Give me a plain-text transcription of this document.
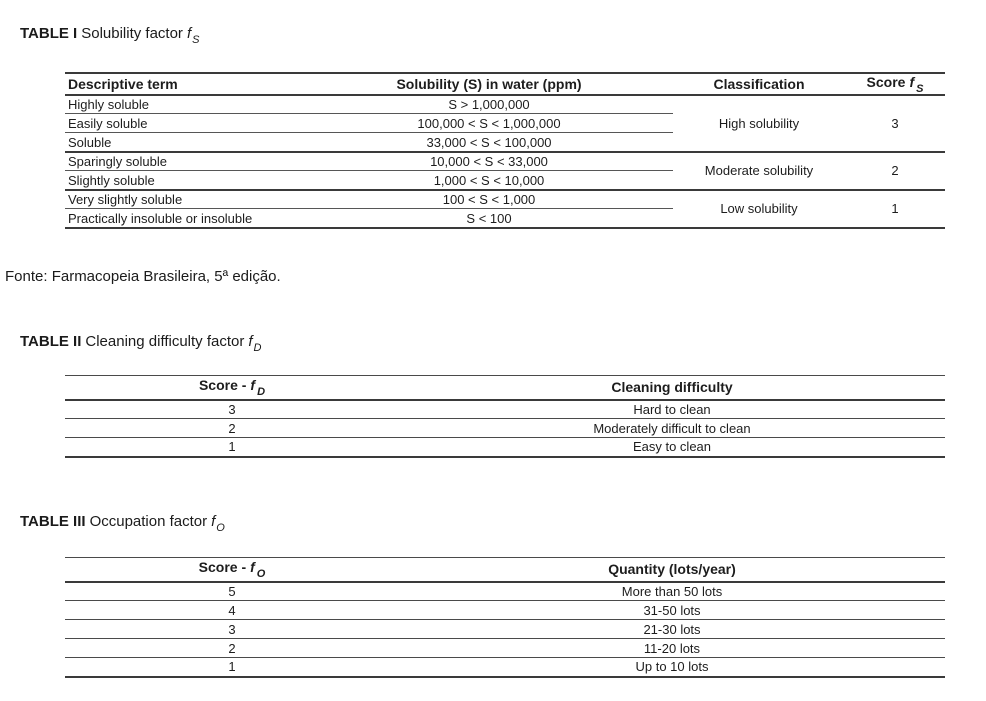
TABLE I Solubility factor $f_S$
Descriptive term	Solubility (S) in water (ppm)	Classification	Score f $_S$
Highly soluble	S > 1,000,000	High solubility	3
Easily soluble	100,000 < S < 1,000,000		
Soluble	33,000 < S < 100,000		
Sparingly soluble	10,000 < S < 33,000	Moderate solubility	2
Slightly soluble	1,000 < S < 10,000		
Very slightly soluble	100 < S < 1,000	Low solubility	1
Practically insoluble or insoluble	S < 100		
Fonte: Farmacopeia Brasileira, 5ª edição.
TABLE II Cleaning difficulty factor $f_D$
Score - f $_D$	Cleaning difficulty
3	Hard to clean
2	Moderately difficult to clean
1	Easy to clean
TABLE III Occupation factor $f_O$
Score - f $_O$	Quantity (lots/year)
5	More than 50 lots
4	31-50 lots
3	21-30 lots
2	11-20 lots
1	Up to 10 lots
